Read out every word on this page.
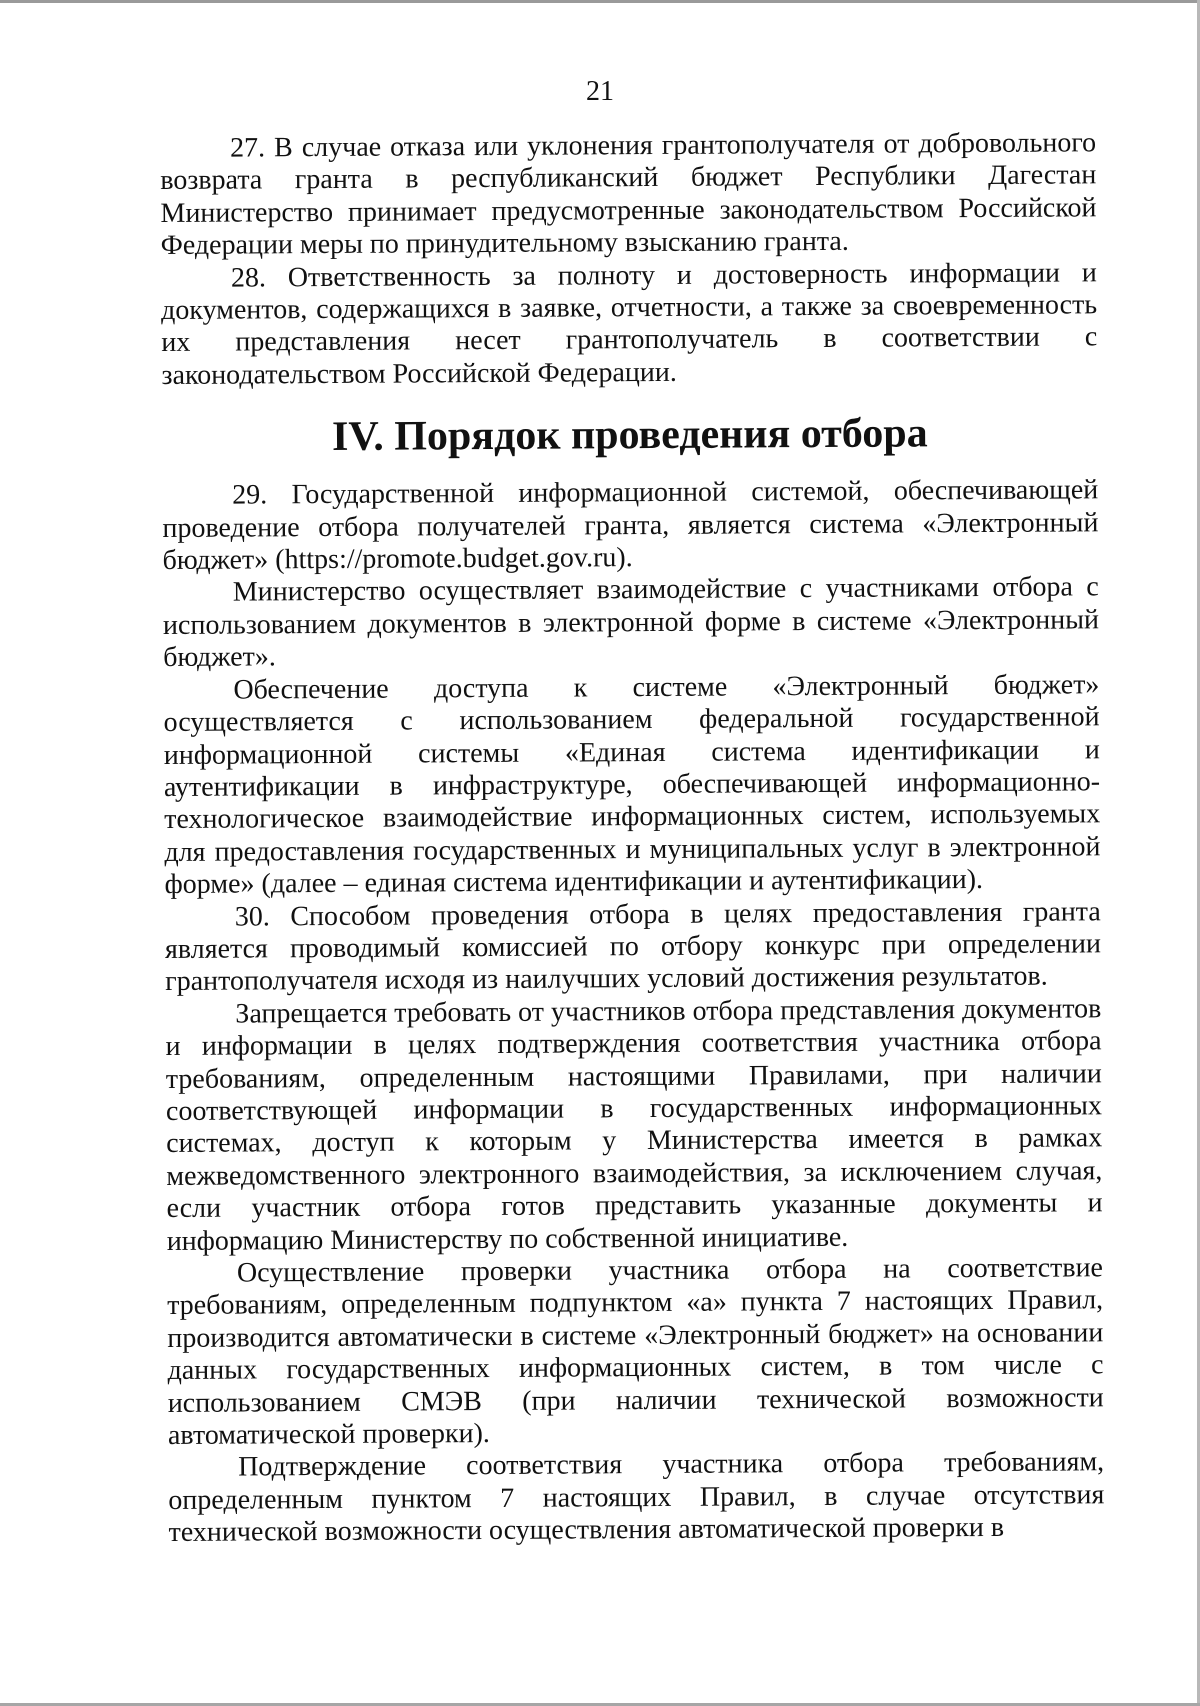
21

27. В случае отказа или уклонения грантополучателя от добровольного возврата гранта в республиканский бюджет Республики Дагестан Министерство принимает предусмотренные законодательством Российской Федерации меры по принудительному взысканию гранта.

28. Ответственность за полноту и достоверность информации и документов, содержащихся в заявке, отчетности, а также за своевременность их представления несет грантополучатель в соответствии с законодательством Российской Федерации.

IV. Порядок проведения отбора

29. Государственной информационной системой, обеспечивающей проведение отбора получателей гранта, является система «Электронный бюджет» (https://promote.budget.gov.ru).

Министерство осуществляет взаимодействие с участниками отбора с использованием документов в электронной форме в системе «Электронный бюджет».

Обеспечение доступа к системе «Электронный бюджет» осуществляется с использованием федеральной государственной информационной системы «Единая система идентификации и аутентификации в инфраструктуре, обеспечивающей информационно-технологическое взаимодействие информационных систем, используемых для предоставления государственных и муниципальных услуг в электронной форме» (далее – единая система идентификации и аутентификации).

30. Способом проведения отбора в целях предоставления гранта является проводимый комиссией по отбору конкурс при определении грантополучателя исходя из наилучших условий достижения результатов.

Запрещается требовать от участников отбора представления документов и информации в целях подтверждения соответствия участника отбора требованиям, определенным настоящими Правилами, при наличии соответствующей информации в государственных информационных системах, доступ к которым у Министерства имеется в рамках межведомственного электронного взаимодействия, за исключением случая, если участник отбора готов представить указанные документы и информацию Министерству по собственной инициативе.

Осуществление проверки участника отбора на соответствие требованиям, определенным подпунктом «а» пункта 7 настоящих Правил, производится автоматически в системе «Электронный бюджет» на основании данных государственных информационных систем, в том числе с использованием СМЭВ (при наличии технической возможности автоматической проверки).

Подтверждение соответствия участника отбора требованиям, определенным пунктом 7 настоящих Правил, в случае отсутствия технической возможности осуществления автоматической проверки в
